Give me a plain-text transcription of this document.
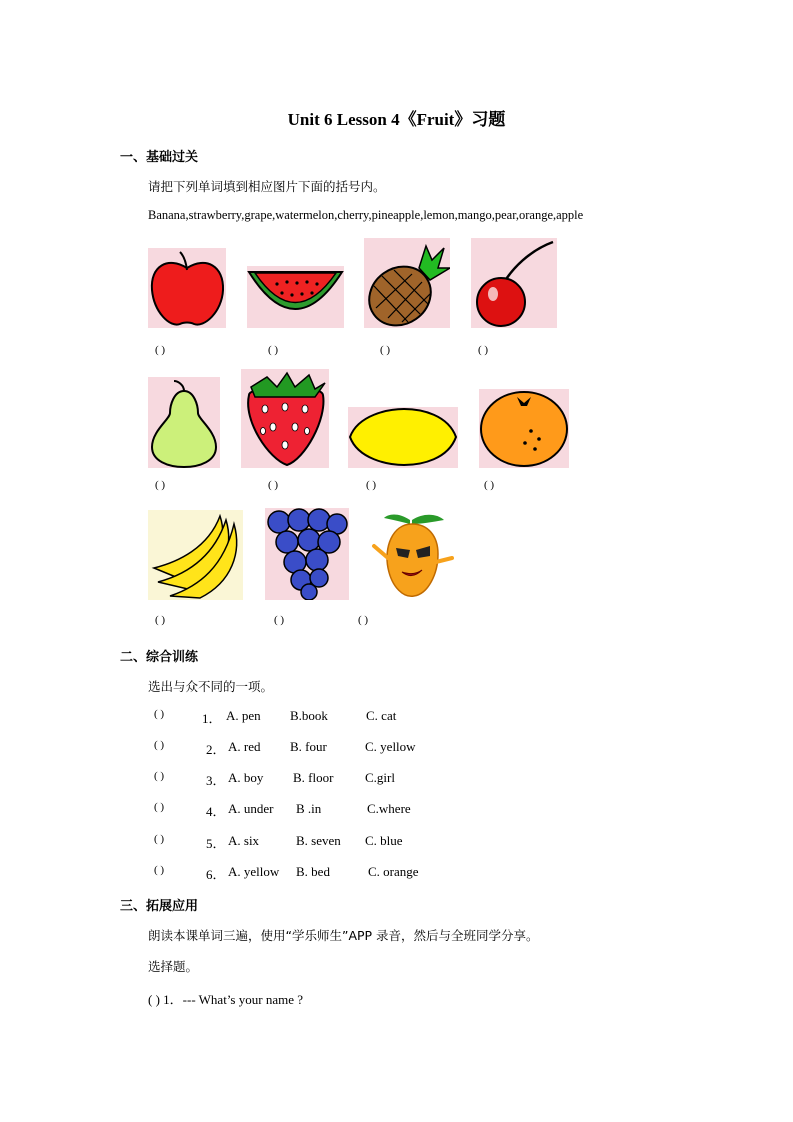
Unit 6 Lesson 4《Fruit》习题
一、基础过关
请把下列单词填到相应图片下面的括号内。
Banana,strawberry,grape,watermelon,cherry,pineapple,lemon,mango,pear,orange,apple
( )	( )	( )	( )
( )	( )	( )	( )
( )	( )	( )
二、综合训练
选出与众不同的一项。
( )	1． A. pen B.book	C. cat
( )	2． A. red B. four	C. yellow
( )	3． A. boy B. floor C.girl
( )	4． A. under B .in	C.where
( )	5． A. six	B. seven C. blue
( )	6． A. yellow B. bed	C. orange
三、拓展应用
朗读本课单词三遍，使用“学乐师生”APP 录音，然后与全班同学分享。
选择题。
( ) 1．--- What’s your name ?
